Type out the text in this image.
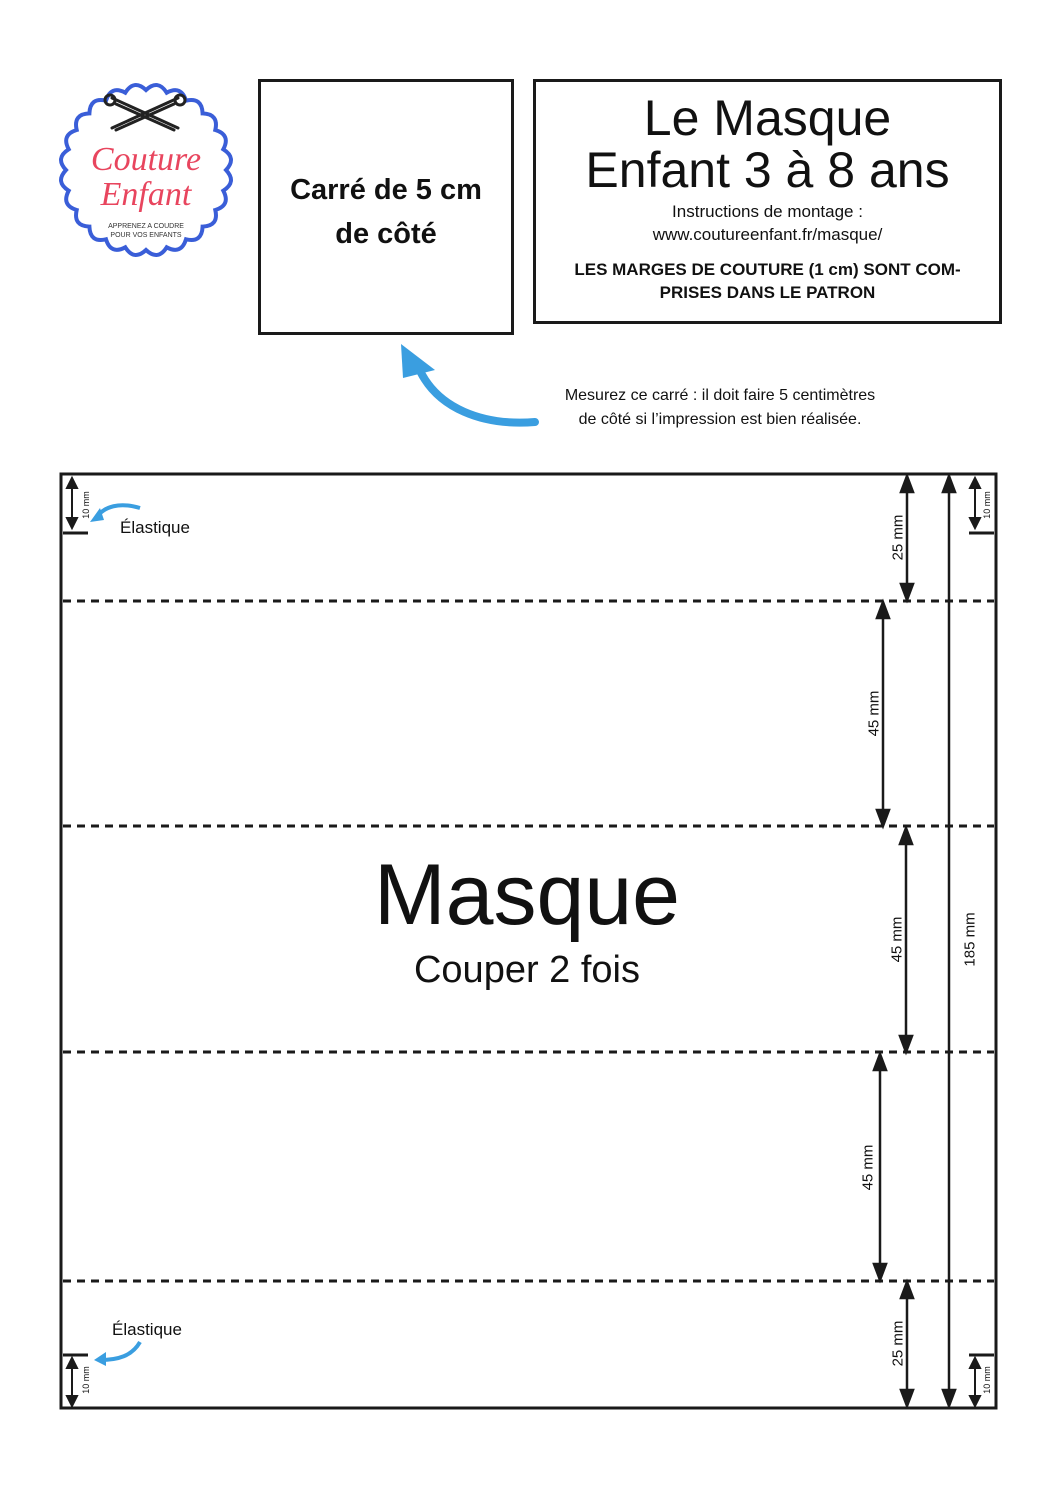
Couture
Enfant
APPRENEZ A COUDRE
POUR VOS ENFANTS
Carré de 5 cm
de côté
Le Masque
Enfant 3 à 8 ans
Instructions de montage :
www.coutureenfant.fr/masque/
LES MARGES DE COUTURE (1 cm) SONT COM-
PRISES DANS LE PATRON
Mesurez ce carré : il doit faire 5 centimètres
de côté si l’impression est bien réalisée.
Masque
Couper 2 fois
Élastique
Élastique
25 mm
45 mm
45 mm
45 mm
25 mm
185 mm
10 mm	10 mm
10 mm	10 mm
